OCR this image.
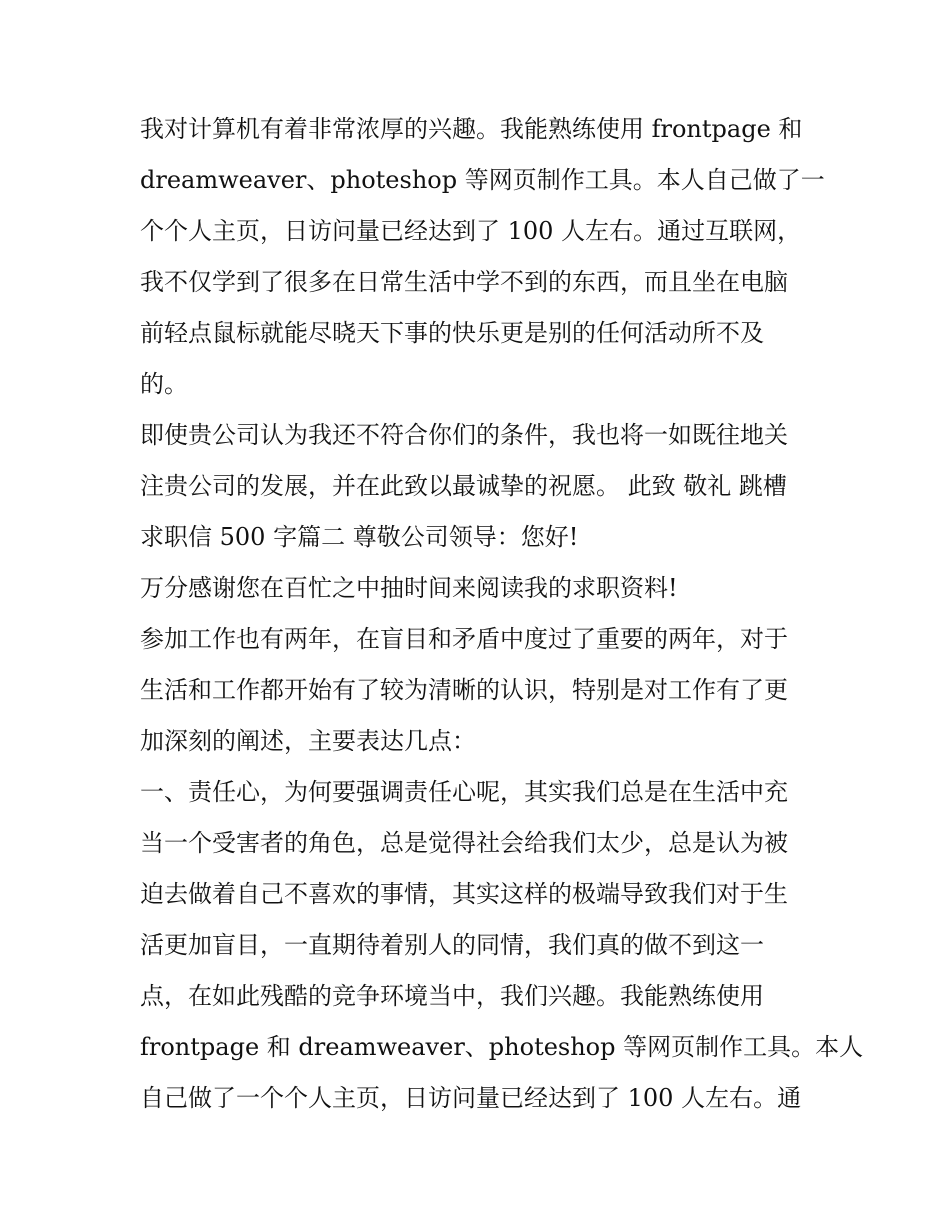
我对计算机有着非常浓厚的兴趣。我能熟练使用 frontpage 和
dreamweaver、photeshop 等网页制作工具。本人自己做了一
个个人主页，日访问量已经达到了 100 人左右。通过互联网，
我不仅学到了很多在日常生活中学不到的东西，而且坐在电脑
前轻点鼠标就能尽晓天下事的快乐更是别的任何活动所不及
的。
即使贵公司认为我还不符合你们的条件，我也将一如既往地关
注贵公司的发展，并在此致以最诚挚的祝愿。 此致 敬礼 跳槽
求职信 500 字篇二 尊敬公司领导：您好!
万分感谢您在百忙之中抽时间来阅读我的求职资料!
参加工作也有两年，在盲目和矛盾中度过了重要的两年，对于
生活和工作都开始有了较为清晰的认识，特别是对工作有了更
加深刻的阐述，主要表达几点：
一、责任心，为何要强调责任心呢，其实我们总是在生活中充
当一个受害者的角色，总是觉得社会给我们太少，总是认为被
迫去做着自己不喜欢的事情，其实这样的极端导致我们对于生
活更加盲目，一直期待着别人的同情，我们真的做不到这一
点，在如此残酷的竞争环境当中，我们兴趣。我能熟练使用
frontpage 和 dreamweaver、photeshop 等网页制作工具。本人
自己做了一个个人主页，日访问量已经达到了 100 人左右。通
